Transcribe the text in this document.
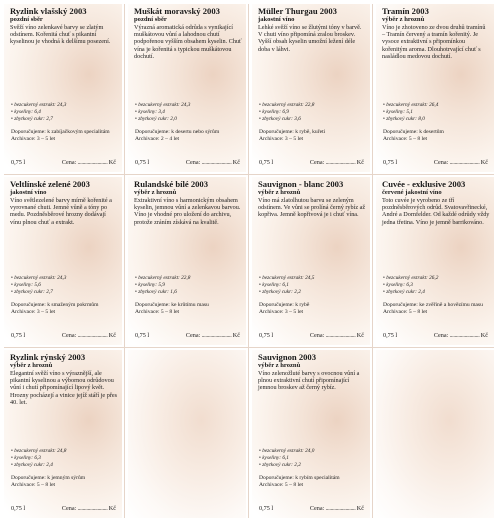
Ryzlink vlašský 2003
pozdní sběr
Svěží víno zelenkavé barvy se zlatým odstínem. Kořenitá chuť s pikantní kyselinou je vhodná k delšímu posezení.
• bezcukerný extrakt: 24,3
• kyseliny: 6,4
• zbytkový cukr: 2,7
Doporučujeme: k zabíjačkovým specialitám
Archivace: 3 – 5 let
0,75 l	Cena: ........................ Kč
Muškát moravský 2003
pozdní sběr
Výrazná aromatická odrůda s vynikající muškátovou vůní a lahodnou chutí podpořenou vyšším obsahem kyselin. Chuť vína je kořenitá s typickou muškátovou dochutí.
• bezcukerný extrakt: 24,3
• kyseliny: 3,4
• zbytkový cukr: 2,0
Doporučujeme: k desertu nebo sýrům
Archivace: 2 – 4 let
0,75 l	Cena: ........................ Kč
Müller Thurgau 2003
jakostní víno
Lehké svěží víno se žlutými tóny v barvě. V chuti víno připomíná zralou broskev. Vyšší obsah kyselin umožní ležení déle doba v láhvi.
• bezcukerný extrakt: 22,8
• kyseliny: 6,9
• zbytkový cukr: 3,6
Doporučujeme: k rybě, kuřeti
Archivace: 3 – 5 let
0,75 l	Cena: ........................ Kč
Tramín 2003
výběr z hroznů
Víno je zhotoveno ze dvou druhů tramínů – Tramín červený a tramín kořenitý. Je vysoce extraktivní s připomínkou kořenitým aroma. Dlouhotrvající chuť s nasládlou medovou dochutí.
• bezcukerný extrakt: 26,4
• kyseliny: 5,1
• zbytkový cukr: 8,0
Doporučujeme: k desertům
Archivace: 5 – 8 let
0,75 l	Cena: ........................ Kč
Veltlínské zelené 2003
jakostní víno
Víno světlezelené barvy mírně kořenité a vyrovnané chuti. Jemné vůně a tóny po medu. Pozdněsběrové hrozny dodávají vínu plnou chuť a extrakt.
• bezcukerný extrakt: 24,3
• kyseliny: 5,6
• zbytkový cukr: 2,7
Doporučujeme: k smaženým pokrmům
Archivace: 3 – 5 let
0,75 l	Cena: ........................ Kč
Rulandské bílé 2003
výběr z hroznů
Extraktivní víno s harmonickým obsahem kyselin, jemnou vůní a zelenkavou barvou. Víno je vhodné pro uložení do archivu, protože zráním získává na kvalitě.
• bezcukerný extrakt: 22,8
• kyseliny: 5,9
• zbytkový cukr: 1,6
Doporučujeme: ke krůtímu masu
Archivace: 5 – 8 let
0,75 l	Cena: ........................ Kč
Sauvignon - blanc 2003
výběr z hroznů
Víno má zlatolhutou barvu se zeleným odstínem. Ve vůni se prolíná černý rybíz až kopřiva. Jemně kopřivová je i chuť vína.
• bezcukerný extrakt: 24,5
• kyseliny: 6,1
• zbytkový cukr: 2,2
Doporučujeme: k rybě
Archivace: 3 – 5 let
0,75 l	Cena: ........................ Kč
Cuvée - exklusive 2003
červené jakostní víno
Toto cuvée je vyrobeno ze tří pozdněsběrových odrůd. Svatovavřinecké, André a Dornfelder. Od každé odrůdy vždy jedna třetina. Víno je jemně barrikováno.
• bezcukerný extrakt: 26,2
• kyseliny: 6,3
• zbytkový cukr: 2,4
Doporučujeme: ke zvěřině a hovězímu masu
Archivace: 5 – 8 let
0,75 l	Cena: ........................ Kč
Ryzlink rýnský 2003
výběr z hroznů
Elegantní svěží víno s výraznější, ale pikantní kyselinou a výbornou odrůdovou vůní i chutí připomínající lipový květ. Hrozny pocházejí a vinice jejíž stáří je přes 40. let.
• bezcukerný extrakt: 24,8
• kyseliny: 6,3
• zbytkový cukr: 2,4
Doporučujeme: k jemným sýrům
Archivace: 5 – 8 let
0,75 l	Cena: ........................ Kč
Sauvignon 2003
výběr z hroznů
Víno zelenožluté barvy s ovocnou vůní a plnou extraktivní chutí připomínající jemnou broskev až černý rybíz.
• bezcukerný extrakt: 24,0
• kyseliny: 6,1
• zbytkový cukr: 2,2
Doporučujeme: k rybím specialitám
Archivace: 5 – 8 let
0,75 l	Cena: ........................ Kč
